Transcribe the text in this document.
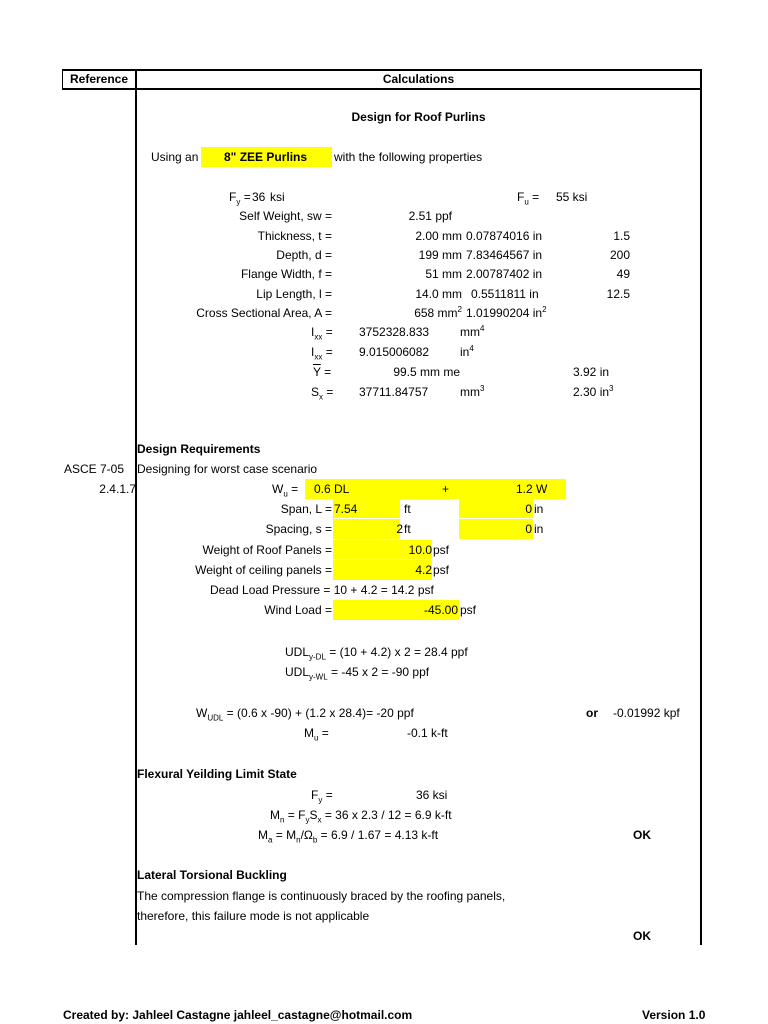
Reference	Calculations
Design for Roof Purlins
Using an 8" ZEE Purlins with the following properties
$F_y = 36$ ksi	$F_u = 55$ ksi
Self Weight, sw =	2.51 ppf
Thickness, t =	2.00 mm 0.07874016 in	1.5
Depth, d =	199 mm 7.83464567 in	200
Flange Width, f =	51 mm 2.00787402 in	49
Lip Length, l =	14.0 mm 0.5511811 in	12.5
Cross Sectional Area, A =	658 $mm^2$ 1.01990204 $in^2$
$I_{xx} = 3752328.833$	$mm^4$
$I_{xx} = 9.015006082$	$in^4$
$\overline{Y}$ =	99.5 mm me	3.92 in
$S_x = 37711.84757$	$mm^3$	2.30 $in^3$
Design Requirements
ASCE 7-05 Designing for worst case scenario
2.4.1.7	$W_u = 0.6$ DL	+	1.2 W
Span, L = 7.54	ft	0 in
Spacing, s =	2 ft	0 in
Weight of Roof Panels =	10.0 psf
Weight of ceiling panels =	4.2 psf
Dead Load Pressure = 10 + 4.2 = 14.2 psf
Wind Load =	-45.00 psf
$UDL_{y-DL} = (10 + 4.2)$ x 2 = 28.4 ppf
$UDL_{y-WL} = -45$ x 2 = -90 ppf
$W_{UDL} = (0.6$ x -90) + (1.2 x 28.4)= -20 ppf	or -0.01992 kpf
$M_u$ =	-0.1 k-ft
Flexural Yeilding Limit State
$F_y$ =	36 ksi
$M_n = F_yS_x = 36$ x 2.3 / 12 = 6.9 k-ft
$M_a = M_n/\Omega_b = 6.9 / 1.67 = 4.13$ k-ft	OK
Lateral Torsional Buckling
The compression flange is continuously braced by the roofing panels,
therefore, this failure mode is not applicable
OK
Created by: Jahleel Castagne jahleel_castagne@hotmail.com	Version 1.0
